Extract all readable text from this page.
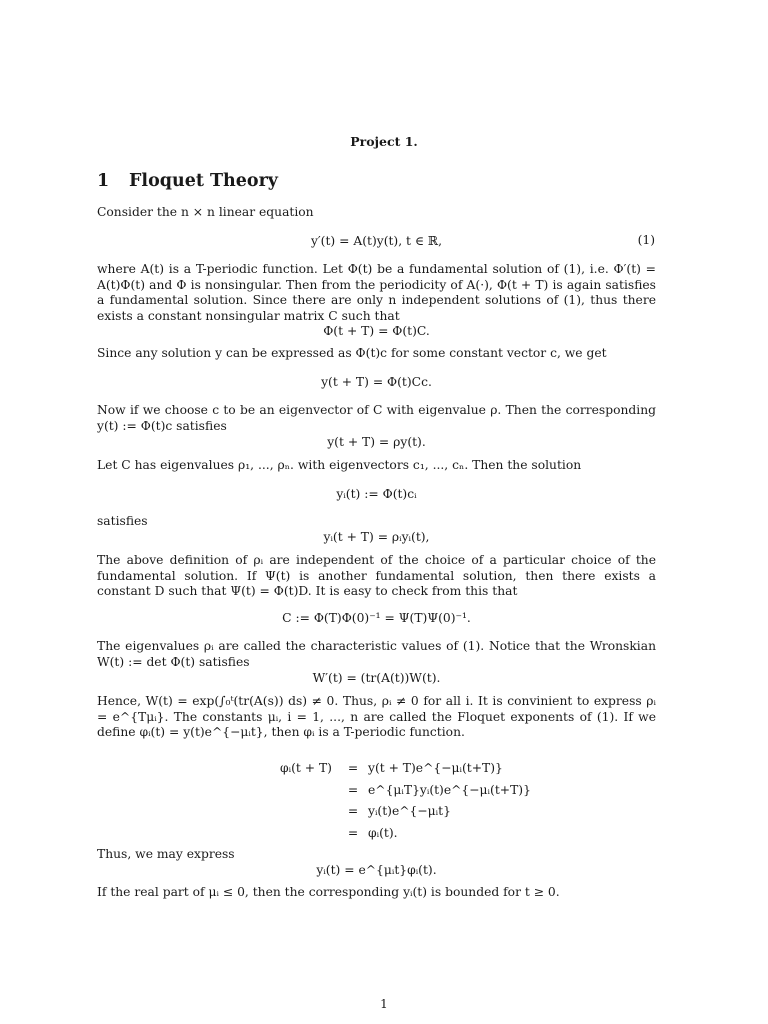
Project 1.
1 Floquet Theory
Consider the n × n linear equation
y′(t) = A(t)y(t), t ∈ ℝ,	(1)
where A(t) is a T-periodic function. Let Φ(t) be a fundamental solution of (1), i.e. Φ′(t) = A(t)Φ(t) and Φ is nonsingular. Then from the periodicity of A(·), Φ(t + T) is again satisfies a fundamental solution. Since there are only n independent solutions of (1), thus there exists a constant nonsingular matrix C such that
Φ(t + T) = Φ(t)C.
Since any solution y can be expressed as Φ(t)c for some constant vector c, we get
y(t + T) = Φ(t)Cc.
Now if we choose c to be an eigenvector of C with eigenvalue ρ. Then the corresponding y(t) := Φ(t)c satisfies
y(t + T) = ρy(t).
Let C has eigenvalues ρ₁, ..., ρₙ. with eigenvectors c₁, ..., cₙ. Then the solution
yᵢ(t) := Φ(t)cᵢ
satisfies
yᵢ(t + T) = ρᵢyᵢ(t),
The above definition of ρᵢ are independent of the choice of a particular choice of the fundamental solution. If Ψ(t) is another fundamental solution, then there exists a constant D such that Ψ(t) = Φ(t)D. It is easy to check from this that
C := Φ(T)Φ(0)⁻¹ = Ψ(T)Ψ(0)⁻¹.
The eigenvalues ρᵢ are called the characteristic values of (1). Notice that the Wronskian W(t) := det Φ(t) satisfies
W′(t) = (tr(A(t))W(t).
Hence, W(t) = exp(∫₀ᵗ(tr(A(s)) ds) ≠ 0. Thus, ρᵢ ≠ 0 for all i. It is convinient to express ρᵢ = e^{Tμᵢ}. The constants μᵢ, i = 1, ..., n are called the Floquet exponents of (1). If we define φᵢ(t) = y(t)e^{−μᵢt}, then φᵢ is a T-periodic function.
φᵢ(t + T) = y(t + T)e^{−μᵢ(t+T)}
= e^{μᵢT}yᵢ(t)e^{−μᵢ(t+T)}
= yᵢ(t)e^{−μᵢt}
= φᵢ(t).
Thus, we may express
yᵢ(t) = e^{μᵢt}φᵢ(t).
If the real part of μᵢ ≤ 0, then the corresponding yᵢ(t) is bounded for t ≥ 0.
1
